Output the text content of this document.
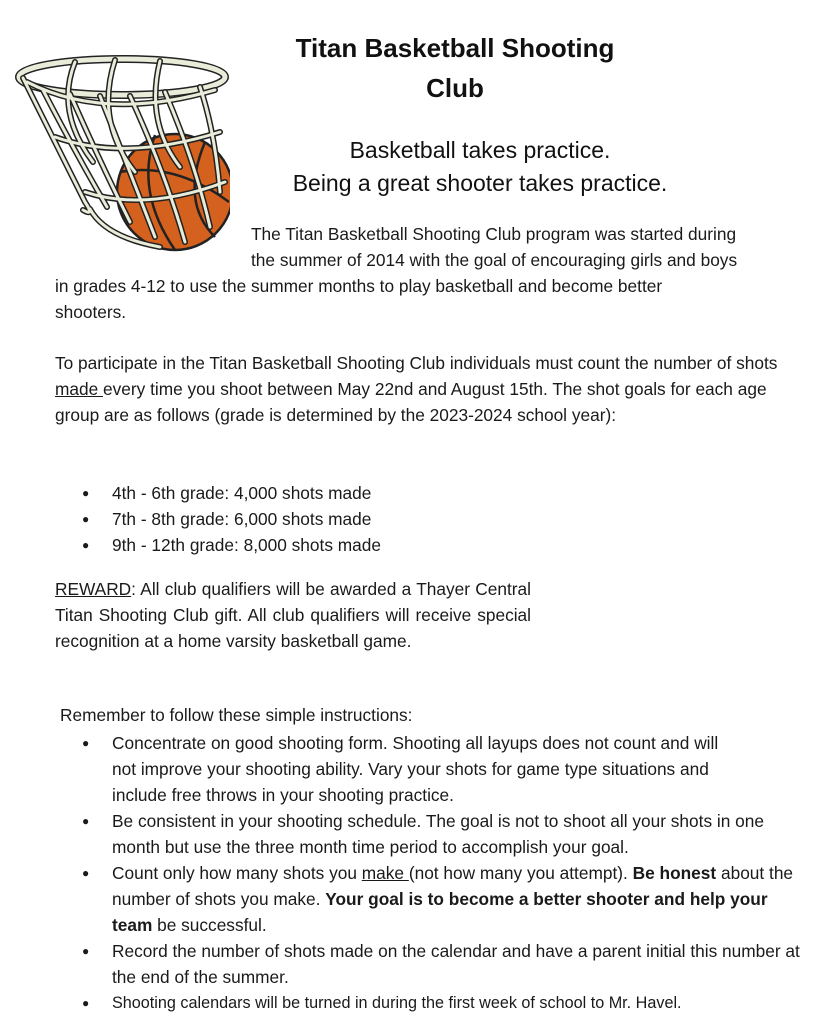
Titan Basketball Shooting
Club
Basketball takes practice.
Being a great shooter takes practice.
The Titan Basketball Shooting Club program was started during
the summer of 2014 with the goal of encouraging girls and boys
in grades 4-12 to use the summer months to play basketball and become better
shooters.
To participate in the Titan Basketball Shooting Club individuals must count the number of shots made every time you shoot between May 22nd and August 15th. The shot goals for each age group are as follows (grade is determined by the 2023-2024 school year):
● 4th - 6th grade: 4,000 shots made
● 7th - 8th grade: 6,000 shots made
● 9th - 12th grade: 8,000 shots made
REWARD: All club qualifiers will be awarded a Thayer Central Titan Shooting Club gift. All club qualifiers will receive special recognition at a home varsity basketball game.
Remember to follow these simple instructions:
● Concentrate on good shooting form. Shooting all layups does not count and will not improve your shooting ability. Vary your shots for game type situations and include free throws in your shooting practice.
● Be consistent in your shooting schedule. The goal is not to shoot all your shots in one month but use the three month time period to accomplish your goal.
● Count only how many shots you make (not how many you attempt). Be honest about the number of shots you make. Your goal is to become a better shooter and help your team be successful.
● Record the number of shots made on the calendar and have a parent initial this number at the end of the summer.
● Shooting calendars will be turned in during the first week of school to Mr. Havel.
